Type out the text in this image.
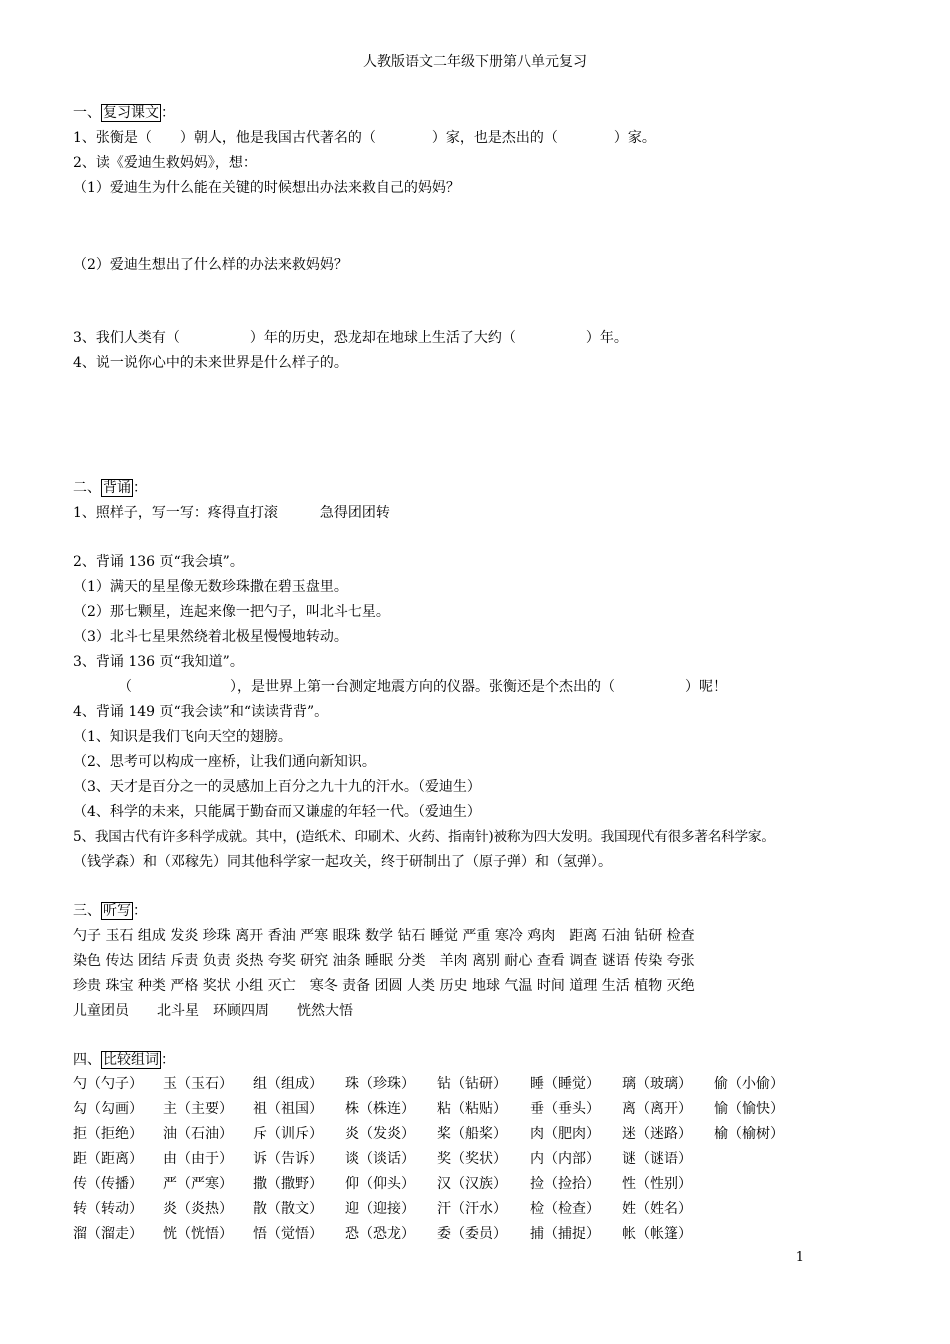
人教版语文二年级下册第八单元复习
一、 复习课文 ：
1、张衡是（　　）朝人，他是我国古代著名的（　　　　）家，也是杰出的（　　　　）家。
2、读《爱迪生救妈妈》，想：
（1）爱迪生为什么能在关键的时候想出办法来救自己的妈妈？
（2）爱迪生想出了什么样的办法来救妈妈？
3、我们人类有（　　　　　）年的历史，恐龙却在地球上生活了大约（　　　　　）年。
4、说一说你心中的未来世界是什么样子的。
二、 背诵 ：
1、照样子，写一写：疼得直打滚　　　急得团团转
2、背诵 136 页“我会填”。
（1）满天的星星像无数珍珠撒在碧玉盘里。
（2）那七颗星，连起来像一把勺子，叫北斗七星。
（3）北斗七星果然绕着北极星慢慢地转动。
3、背诵 136 页“我知道”。
（　　　　　　　），是世界上第一台测定地震方向的仪器。张衡还是个杰出的（　　　　　）呢！
4、背诵 149 页“我会读”和“读读背背”。
（1、知识是我们飞向天空的翅膀。
（2、思考可以构成一座桥，让我们通向新知识。
（3、天才是百分之一的灵感加上百分之九十九的汗水。（爱迪生）
（4、科学的未来，只能属于勤奋而又谦虚的年轻一代。（爱迪生）
5、我国古代有许多科学成就。其中，(造纸术、印刷术、火药、指南针)被称为四大发明。我国现代有很多著名科学家。
（钱学森）和（邓稼先）同其他科学家一起攻关，终于研制出了（原子弹）和（氢弹）。
三、 听写 ：
勺子 玉石 组成 发炎 珍珠 离开 香油 严寒 眼珠 数学 钻石 睡觉 严重 寒冷 鸡肉　距离 石油 钻研 检查
染色 传达 团结 斥责 负责 炎热 夸奖 研究 油条 睡眠 分类　羊肉 离别 耐心 查看 调查 谜语 传染 夸张
珍贵 珠宝 种类 严格 奖状 小组 灭亡　寒冬 责备 团圆 人类 历史 地球 气温 时间 道理 生活 植物 灭绝
儿童团员　　北斗星　环顾四周　　恍然大悟
四、 比较组词 ：
勺（勺子）	玉（玉石）	组（组成）	珠（珍珠）	钻（钻研）	睡（睡觉）	璃（玻璃）	偷（小偷）
勾（勾画）	主（主要）	祖（祖国）	株（株连）	粘（粘贴）	垂（垂头）	离（离开）	愉（愉快）
拒（拒绝）	油（石油）	斥（训斥）	炎（发炎）	桨（船桨）	肉（肥肉）	迷（迷路）	榆（榆树）
距（距离）	由（由于）	诉（告诉）	谈（谈话）	奖（奖状）	内（内部）	谜（谜语）	
传（传播）	严（严寒）	撒（撒野）	仰（仰头）	汉（汉族）	捡（捡拾）	性（性别）	
转（转动）	炎（炎热）	散（散文）	迎（迎接）	汗（汗水）	检（检查）	姓（姓名）	
溜（溜走）	恍（恍悟）	悟（觉悟）	恐（恐龙）	委（委员）	捕（捕捉）	帐（帐篷）	
1
